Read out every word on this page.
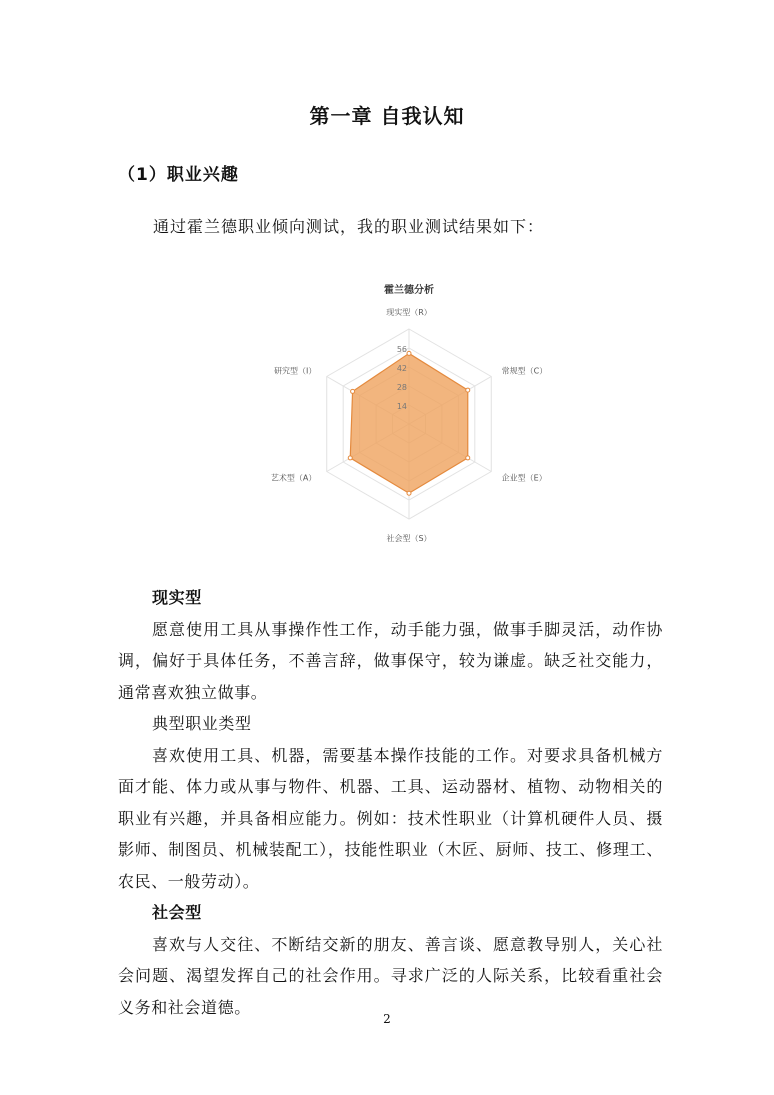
第一章 自我认知
（1）职业兴趣
通过霍兰德职业倾向测试，我的职业测试结果如下：
霍兰德分析
14
28
42
56
现实型（R）
常规型（C）
企业型（E）
社会型（S）
艺术型（A）
研究型（I）

现实型

愿意使用工具从事操作性工作，动手能力强，做事手脚灵活，动作协调，偏好于具体任务，不善言辞，做事保守，较为谦虚。缺乏社交能力，通常喜欢独立做事。

典型职业类型

喜欢使用工具、机器，需要基本操作技能的工作。对要求具备机械方面才能、体力或从事与物件、机器、工具、运动器材、植物、动物相关的职业有兴趣，并具备相应能力。例如：技术性职业（计算机硬件人员、摄影师、制图员、机械装配工），技能性职业（木匠、厨师、技工、修理工、农民、一般劳动）。

社会型

喜欢与人交往、不断结交新的朋友、善言谈、愿意教导别人，关心社会问题、渴望发挥自己的社会作用。寻求广泛的人际关系，比较看重社会义务和社会道德。

2
